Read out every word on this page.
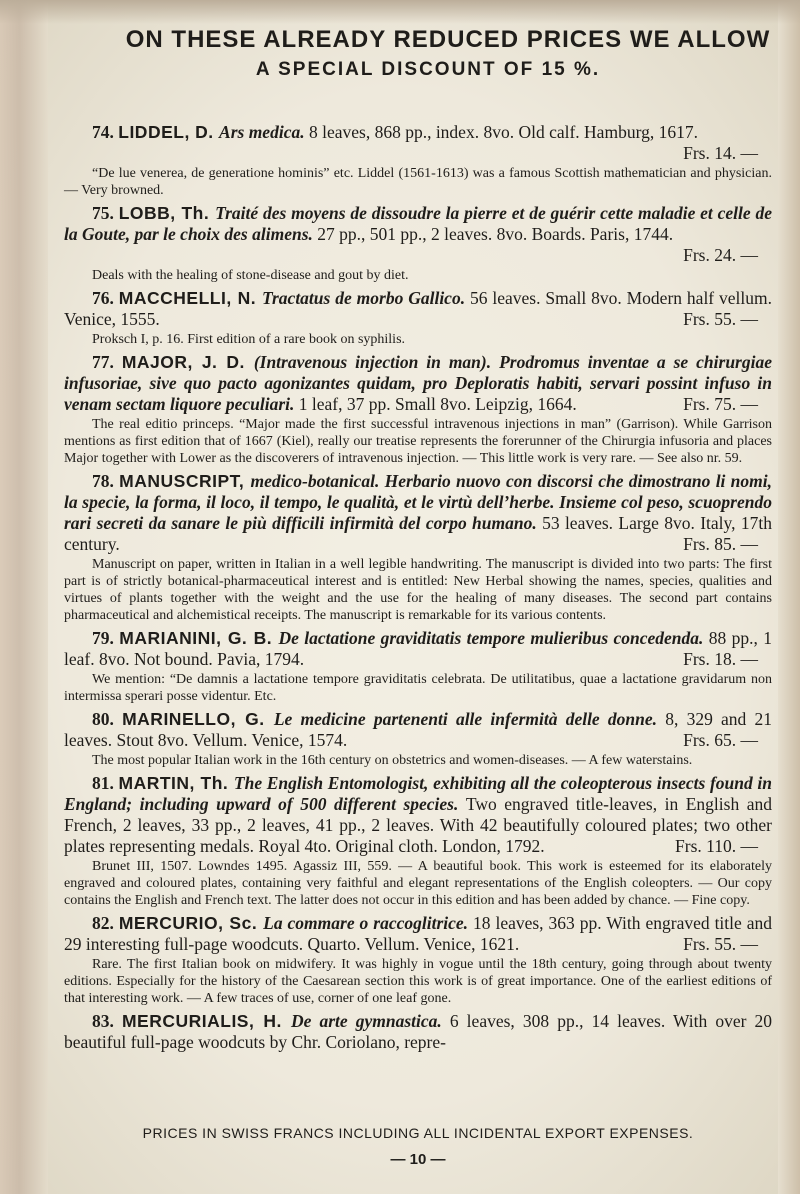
ON THESE ALREADY REDUCED PRICES WE ALLOW
A SPECIAL DISCOUNT OF 15 %.

74. LIDDEL, D. Ars medica. 8 leaves, 868 pp., index. 8vo. Old calf. Hamburg, 1617.
Frs. 14. —

“De lue venerea, de generatione hominis” etc. Liddel (1561-1613) was a famous Scottish mathematician and physician. — Very browned.

75. LOBB, Th. Traité des moyens de dissoudre la pierre et de guérir cette maladie et celle de la Goute, par le choix des alimens. 27 pp., 501 pp., 2 leaves. 8vo. Boards. Paris, 1744.
Frs. 24. —

Deals with the healing of stone-disease and gout by diet.

76. MACCHELLI, N. Tractatus de morbo Gallico. 56 leaves. Small 8vo. Modern half vellum. Venice, 1555.	Frs. 55. —

Proksch I, p. 16. First edition of a rare book on syphilis.

77. MAJOR, J. D. (Intravenous injection in man). Prodromus inventae a se chirurgiae infusoriae, sive quo pacto agonizantes quidam, pro Deploratis habiti, servari possint infuso in venam sectam liquore peculiari. 1 leaf, 37 pp. Small 8vo. Leipzig, 1664.	Frs. 75. —

The real editio princeps. “Major made the first successful intravenous injections in man” (Garrison). While Garrison mentions as first edition that of 1667 (Kiel), really our treatise represents the forerunner of the Chirurgia infusoria and places Major together with Lower as the discoverers of intravenous injection. — This little work is very rare. — See also nr. 59.

78. MANUSCRIPT, medico-botanical. Herbario nuovo con discorsi che dimostrano li nomi, la specie, la forma, il loco, il tempo, le qualità, et le virtù dell’herbe. Insieme col peso, scuoprendo rari secreti da sanare le più difficili infirmità del corpo humano. 53 leaves. Large 8vo. Italy, 17th century.	Frs. 85. —

Manuscript on paper, written in Italian in a well legible handwriting. The manuscript is divided into two parts: The first part is of strictly botanical-pharmaceutical interest and is entitled: New Herbal showing the names, species, qualities and virtues of plants together with the weight and the use for the healing of many diseases. The second part contains pharmaceutical and alchemistical receipts. The manuscript is remarkable for its various contents.

79. MARIANINI, G. B. De lactatione graviditatis tempore mulieribus concedenda. 88 pp., 1 leaf. 8vo. Not bound. Pavia, 1794.	Frs. 18. —

We mention: “De damnis a lactatione tempore graviditatis celebrata. De utilitatibus, quae a lactatione gravidarum non intermissa sperari posse videntur. Etc.

80. MARINELLO, G. Le medicine partenenti alle infermità delle donne. 8, 329 and 21 leaves. Stout 8vo. Vellum. Venice, 1574.	Frs. 65. —

The most popular Italian work in the 16th century on obstetrics and women-diseases. — A few waterstains.

81. MARTIN, Th. The English Entomologist, exhibiting all the coleopterous insects found in England; including upward of 500 different species. Two engraved title-leaves, in English and French, 2 leaves, 33 pp., 2 leaves, 41 pp., 2 leaves. With 42 beautifully coloured plates; two other plates representing medals. Royal 4to. Original cloth. London, 1792.	Frs. 110. —

Brunet III, 1507. Lowndes 1495. Agassiz III, 559. — A beautiful book. This work is esteemed for its elaborately engraved and coloured plates, containing very faithful and elegant representations of the English coleopters. — Our copy contains the English and French text. The latter does not occur in this edition and has been added by chance. — Fine copy.

82. MERCURIO, Sc. La commare o raccoglitrice. 18 leaves, 363 pp. With engraved title and 29 interesting full-page woodcuts. Quarto. Vellum. Venice, 1621.	Frs. 55. —

Rare. The first Italian book on midwifery. It was highly in vogue until the 18th century, going through about twenty editions. Especially for the history of the Caesarean section this work is of great importance. One of the earliest editions of that interesting work. — A few traces of use, corner of one leaf gone.

83. MERCURIALIS, H. De arte gymnastica. 6 leaves, 308 pp., 14 leaves. With over 20 beautiful full-page woodcuts by Chr. Coriolano, repre-

PRICES IN SWISS FRANCS INCLUDING ALL INCIDENTAL EXPORT EXPENSES.
— 10 —
